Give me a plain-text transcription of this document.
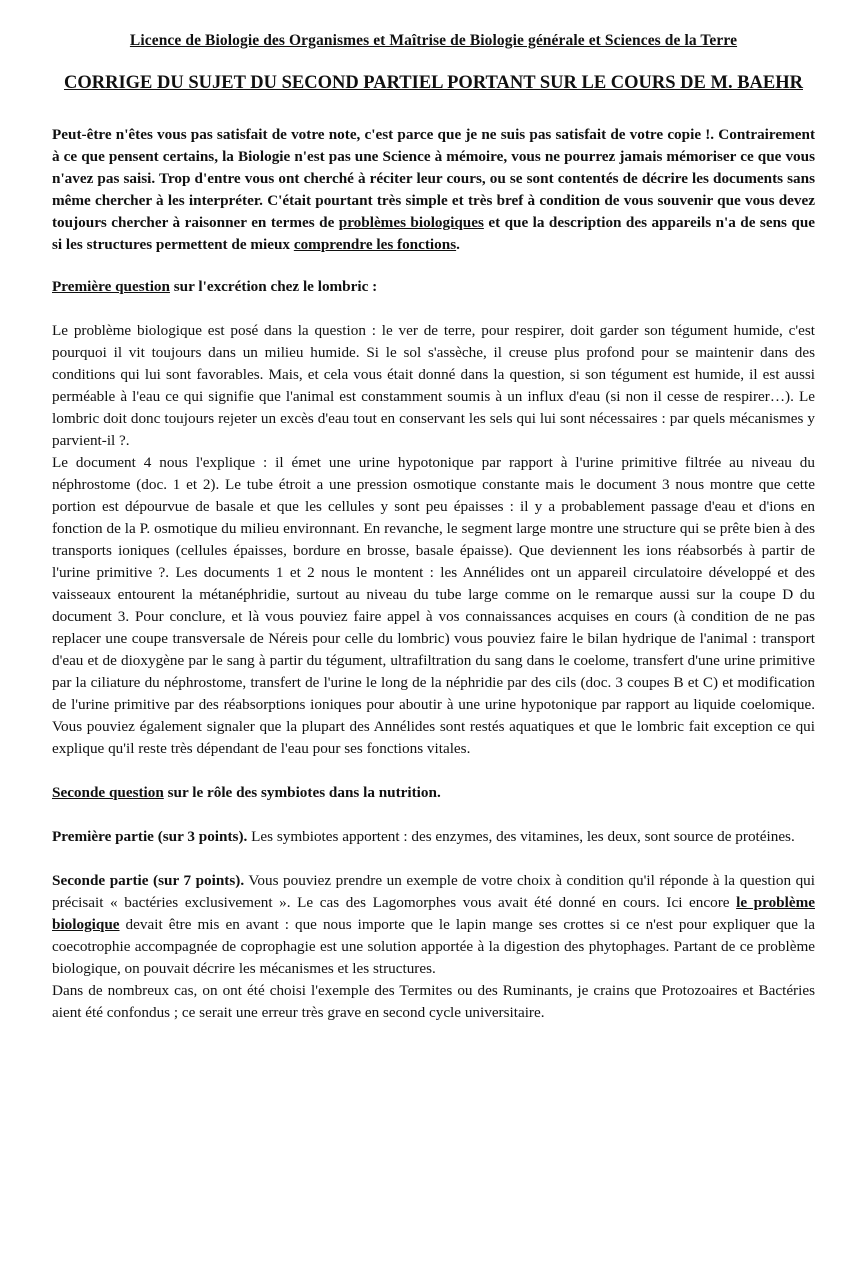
Licence de Biologie des Organismes et Maîtrise de Biologie générale et Sciences de la Terre
CORRIGE DU SUJET DU SECOND PARTIEL PORTANT SUR LE COURS DE M. BAEHR

Peut-être n'êtes vous pas satisfait de votre note, c'est parce que je ne suis pas satisfait de votre copie !. Contrairement à ce que pensent certains, la Biologie n'est pas une Science à mémoire, vous ne pourrez jamais mémoriser ce que vous n'avez pas saisi. Trop d'entre vous ont cherché à réciter leur cours, ou se sont contentés de décrire les documents sans même chercher à les interpréter. C'était pourtant très simple et très bref à condition de vous souvenir que vous devez toujours chercher à raisonner en termes de problèmes biologiques et que la description des appareils n'a de sens que si les structures permettent de mieux comprendre les fonctions.

Première question sur l'excrétion chez le lombric :

Le problème biologique est posé dans la question : le ver de terre, pour respirer, doit garder son tégument humide, c'est pourquoi il vit toujours dans un milieu humide. Si le sol s'assèche, il creuse plus profond pour se maintenir dans des conditions qui lui sont favorables. Mais, et cela vous était donné dans la question, si son tégument est humide, il est aussi perméable à l'eau ce qui signifie que l'animal est constamment soumis à un influx d'eau (si non il cesse de respirer…). Le lombric doit donc toujours rejeter un excès d'eau tout en conservant les sels qui lui sont nécessaires : par quels mécanismes y parvient-il ?.

Le document 4 nous l'explique : il émet une urine hypotonique par rapport à l'urine primitive filtrée au niveau du néphrostome (doc. 1 et 2). Le tube étroit a une pression osmotique constante mais le document 3 nous montre que cette portion est dépourvue de basale et que les cellules y sont peu épaisses : il y a probablement passage d'eau et d'ions en fonction de la P. osmotique du milieu environnant. En revanche, le segment large montre une structure qui se prête bien à des transports ioniques (cellules épaisses, bordure en brosse, basale épaisse). Que deviennent les ions réabsorbés à partir de l'urine primitive ?. Les documents 1 et 2 nous le montent : les Annélides ont un appareil circulatoire développé et des vaisseaux entourent la métanéphridie, surtout au niveau du tube large comme on le remarque aussi sur la coupe D du document 3. Pour conclure, et là vous pouviez faire appel à vos connaissances acquises en cours (à condition de ne pas replacer une coupe transversale de Néreis pour celle du lombric) vous pouviez faire le bilan hydrique de l'animal : transport d'eau et de dioxygène par le sang à partir du tégument, ultrafiltration du sang dans le coelome, transfert d'une urine primitive par la ciliature du néphrostome, transfert de l'urine le long de la néphridie par des cils (doc. 3 coupes B et C) et modification de l'urine primitive par des réabsorptions ioniques pour aboutir à une urine hypotonique par rapport au liquide coelomique. Vous pouviez également signaler que la plupart des Annélides sont restés aquatiques et que le lombric fait exception ce qui explique qu'il reste très dépendant de l'eau pour ses fonctions vitales.

Seconde question sur le rôle des symbiotes dans la nutrition.

Première partie (sur 3 points). Les symbiotes apportent : des enzymes, des vitamines, les deux, sont source de protéines.

Seconde partie (sur 7 points). Vous pouviez prendre un exemple de votre choix à condition qu'il réponde à la question qui précisait « bactéries exclusivement ». Le cas des Lagomorphes vous avait été donné en cours. Ici encore le problème biologique devait être mis en avant : que nous importe que le lapin mange ses crottes si ce n'est pour expliquer que la coecotrophie accompagnée de coprophagie est une solution apportée à la digestion des phytophages. Partant de ce problème biologique, on pouvait décrire les mécanismes et les structures.

Dans de nombreux cas, on ont été choisi l'exemple des Termites ou des Ruminants, je crains que Protozoaires et Bactéries aient été confondus ; ce serait une erreur très grave en second cycle universitaire.
